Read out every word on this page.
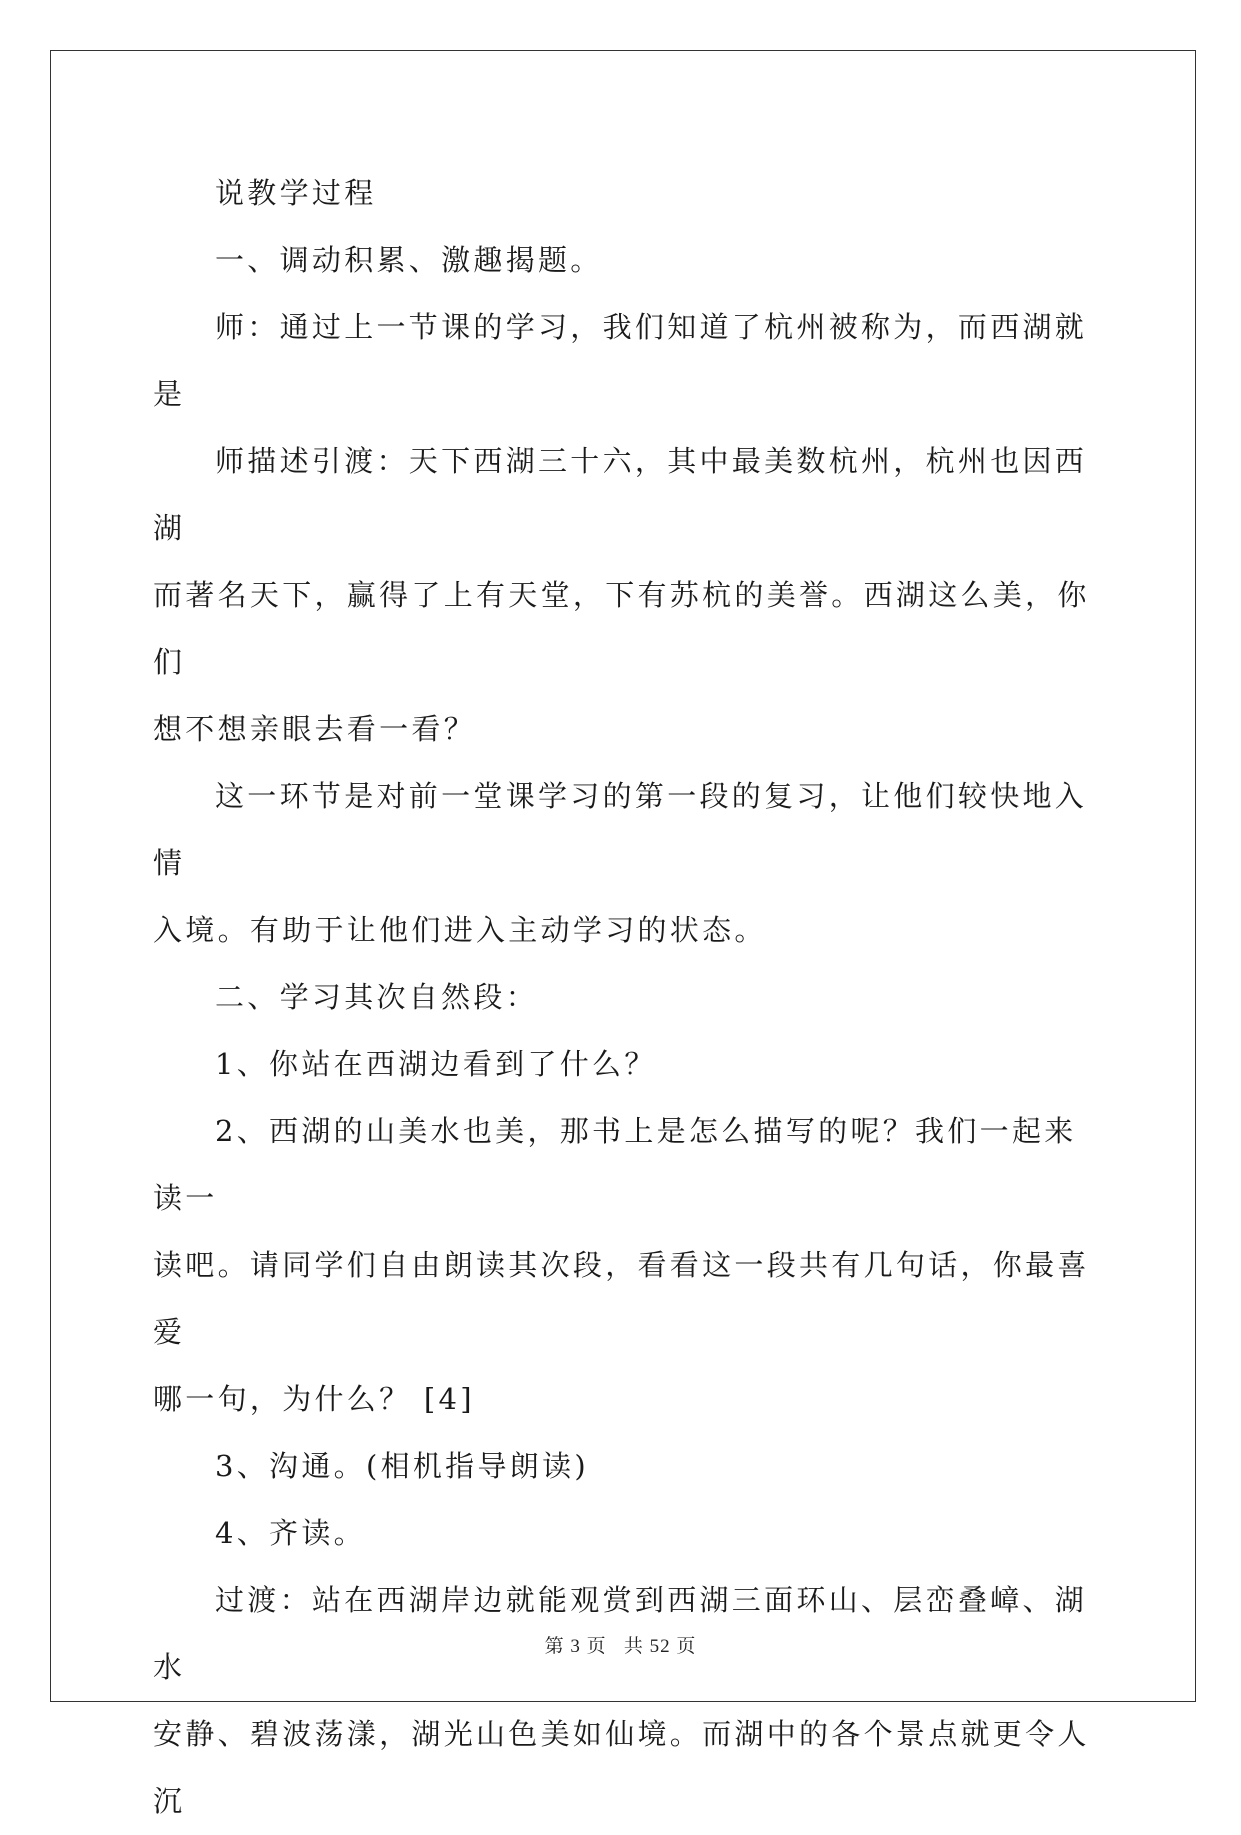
说教学过程

一、调动积累、激趣揭题。

师：通过上一节课的学习，我们知道了杭州被称为，而西湖就是

师描述引渡：天下西湖三十六，其中最美数杭州，杭州也因西湖

而著名天下，赢得了上有天堂，下有苏杭的美誉。西湖这么美，你们

想不想亲眼去看一看？

这一环节是对前一堂课学习的第一段的复习，让他们较快地入情

入境。有助于让他们进入主动学习的状态。

二、学习其次自然段：

1、你站在西湖边看到了什么？

2、西湖的山美水也美，那书上是怎么描写的呢？我们一起来读一

读吧。请同学们自由朗读其次段，看看这一段共有几句话，你最喜爱

哪一句，为什么？ [4]

3、沟通。(相机指导朗读)

4、齐读。

过渡：站在西湖岸边就能观赏到西湖三面环山、层峦叠嶂、湖水

安静、碧波荡漾，湖光山色美如仙境。而湖中的各个景点就更令人沉

第 3 页   共 52 页
